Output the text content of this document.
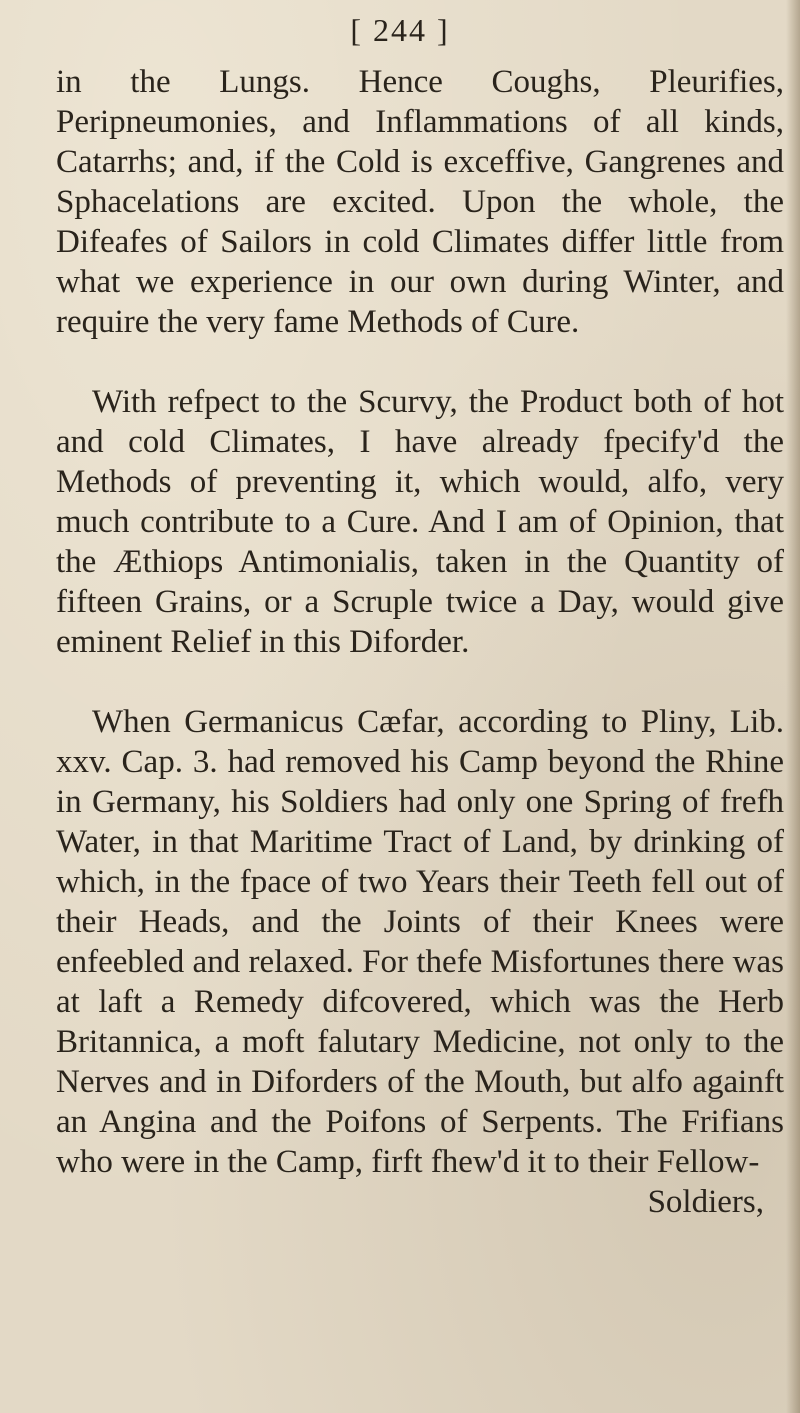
[ 244 ]

in the Lungs. Hence Coughs, Pleurifies, Peripneumonies, and Inflammations of all kinds, Catarrhs; and, if the Cold is exceffive, Gangrenes and Sphacelations are excited. Upon the whole, the Difeafes of Sailors in cold Climates differ little from what we experience in our own during Winter, and require the very fame Methods of Cure.

With refpect to the Scurvy, the Product both of hot and cold Climates, I have already fpecify'd the Methods of preventing it, which would, alfo, very much contribute to a Cure. And I am of Opinion, that the Æthiops Antimonialis, taken in the Quantity of fifteen Grains, or a Scruple twice a Day, would give eminent Relief in this Diforder.

When Germanicus Cæfar, according to Pliny, Lib. xxv. Cap. 3. had removed his Camp beyond the Rhine in Germany, his Soldiers had only one Spring of frefh Water, in that Maritime Tract of Land, by drinking of which, in the fpace of two Years their Teeth fell out of their Heads, and the Joints of their Knees were enfeebled and relaxed. For thefe Misfortunes there was at laft a Remedy difcovered, which was the Herb Britannica, a moft falutary Medicine, not only to the Nerves and in Diforders of the Mouth, but alfo againft an Angina and the Poifons of Serpents. The Frifians who were in the Camp, firft fhew'd it to their Fellow-

Soldiers,
